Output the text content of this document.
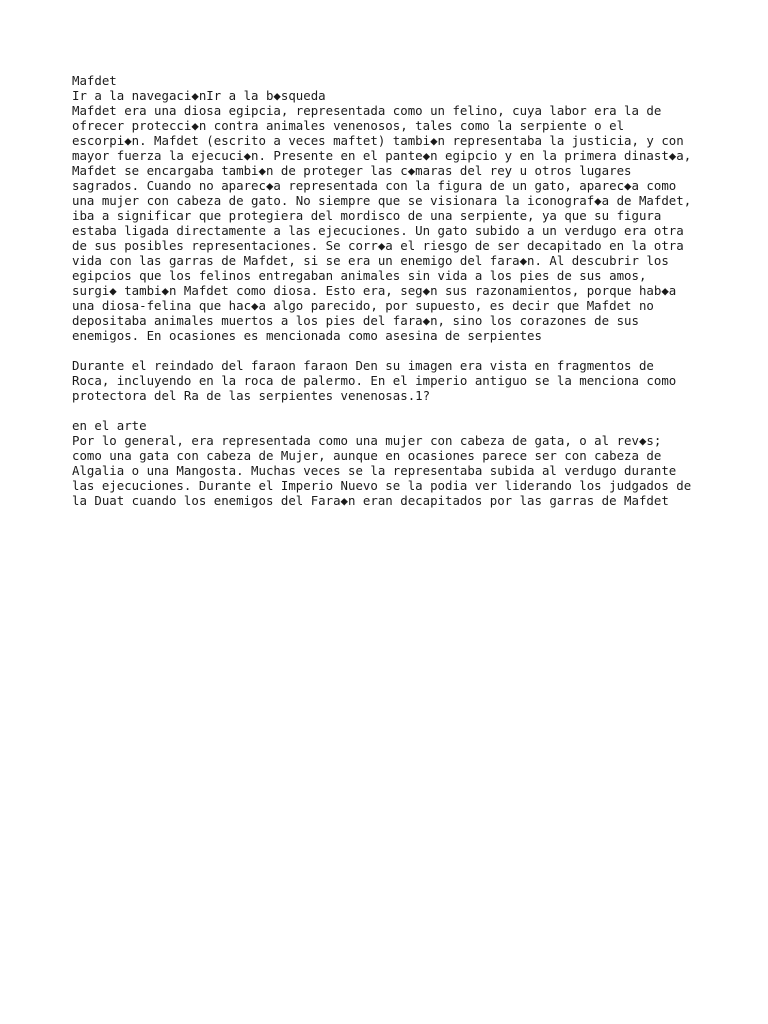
Mafdet
Ir a la navegaci◆nIr a la b◆squeda
Mafdet era una diosa egipcia, representada como un felino, cuya labor era la de
ofrecer protecci◆n contra animales venenosos, tales como la serpiente o el
escorpi◆n. Mafdet (escrito a veces maftet) tambi◆n representaba la justicia, y con
mayor fuerza la ejecuci◆n. Presente en el pante◆n egipcio y en la primera dinast◆a,
Mafdet se encargaba tambi◆n de proteger las c◆maras del rey u otros lugares
sagrados. Cuando no aparec◆a representada con la figura de un gato, aparec◆a como
una mujer con cabeza de gato. No siempre que se visionara la iconograf◆a de Mafdet,
iba a significar que protegiera del mordisco de una serpiente, ya que su figura
estaba ligada directamente a las ejecuciones. Un gato subido a un verdugo era otra
de sus posibles representaciones. Se corr◆a el riesgo de ser decapitado en la otra
vida con las garras de Mafdet, si se era un enemigo del fara◆n. Al descubrir los
egipcios que los felinos entregaban animales sin vida a los pies de sus amos,
surgi◆ tambi◆n Mafdet como diosa. Esto era, seg◆n sus razonamientos, porque hab◆a
una diosa-felina que hac◆a algo parecido, por supuesto, es decir que Mafdet no
depositaba animales muertos a los pies del fara◆n, sino los corazones de sus
enemigos. En ocasiones es mencionada como asesina de serpientes
Durante el reindado del faraon faraon Den su imagen era vista en fragmentos de
Roca, incluyendo en la roca de palermo. En el imperio antiguo se la menciona como
protectora del Ra de las serpientes venenosas.1?
en el arte
Por lo general, era representada como una mujer con cabeza de gata, o al rev◆s;
como una gata con cabeza de Mujer, aunque en ocasiones parece ser con cabeza de
Algalia o una Mangosta. Muchas veces se la representaba subida al verdugo durante
las ejecuciones. Durante el Imperio Nuevo se la podia ver liderando los judgados de
la Duat cuando los enemigos del Fara◆n eran decapitados por las garras de Mafdet
